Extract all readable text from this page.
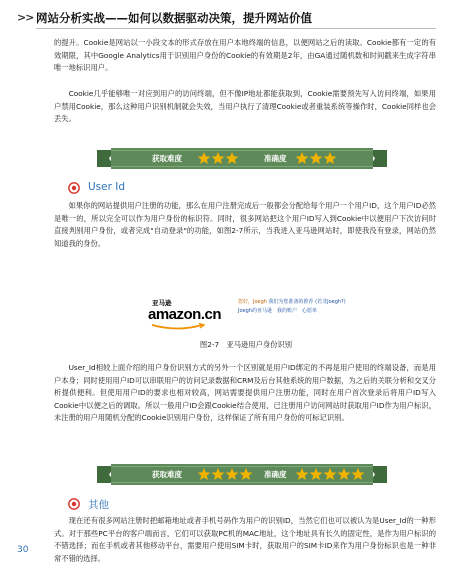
>> 网站分析实战——如何以数据驱动决策，提升网站价值

的提升。Cookie是网站以一小段文本的形式存放在用户本地终端的信息，以便网站之后的读取。Cookie都有一定的有效期限，其中Google Analytics用于识别用户身份的Cookie的有效期是2年，由GA通过随机数和时间戳来生成字符串唯一地标识用户。

Cookie几乎能够唯一对应到用户的访问终端，但不像IP地址都能获取到，Cookie需要预先写入访问终端，如果用户禁用Cookie，那么这种用户识别机制就会失效，当用户执行了清理Cookie或者重装系统等操作时，Cookie同样也会丢失。

获取难度	准确度
User Id

如果你的网站提供用户注册的功能，那么在用户注册完成后一般都会分配给每个用户一个用户ID，这个用户ID必然是唯一的，所以完全可以作为用户身份的标识符。同时，很多网站把这个用户ID写入到Cookie中以便用户下次访问时直接判别用户身份，或者完成"自动登录"的功能，如图2-7所示，当我进入亚马逊网站时，即使我没有登录，网站仍然知道我的身份。

亚马逊
amazon.cn
您好，Joegh 我们为您准备的推荐 (若非Joegh?)
Joegh的亚马逊　我的账户　心愿单
图2-7　亚马逊用户身份识别

User_Id相较上面介绍的用户身份识别方式的另外一个区别就是用户ID绑定的不再是用户使用的终端设备，而是用户本身；同时使用用户ID可以串联用户的访问记录数据和CRM及后台其他系统的用户数据，为之后的关联分析和交叉分析提供便利。但使用用户ID的要求也相对较高，网站需要提供用户注册功能，同时在用户首次登录后将用户ID写入Cookie中以便之后的调取。所以一般用户ID会跟Cookie结合使用，已注册用户访问网站时获取用户ID作为用户标识，未注册的用户用随机分配的Cookie识别用户身份，这样保证了所有用户身份的可标记识别。

获取难度	准确度
其他

现在还有很多网站注册时把邮箱地址或者手机号码作为用户的识别ID，当然它们也可以被认为是User_Id的一种形式。对于那些PC平台的客户端而言，它们可以获取PC机的MAC地址，这个地址具有长久的固定性，是作为用户标识的不错选择；而在手机或者其他移动平台，需要用户使用SIM卡时，获取用户的SIM卡ID来作为用户身份标识也是一种非常不错的选择。

30
